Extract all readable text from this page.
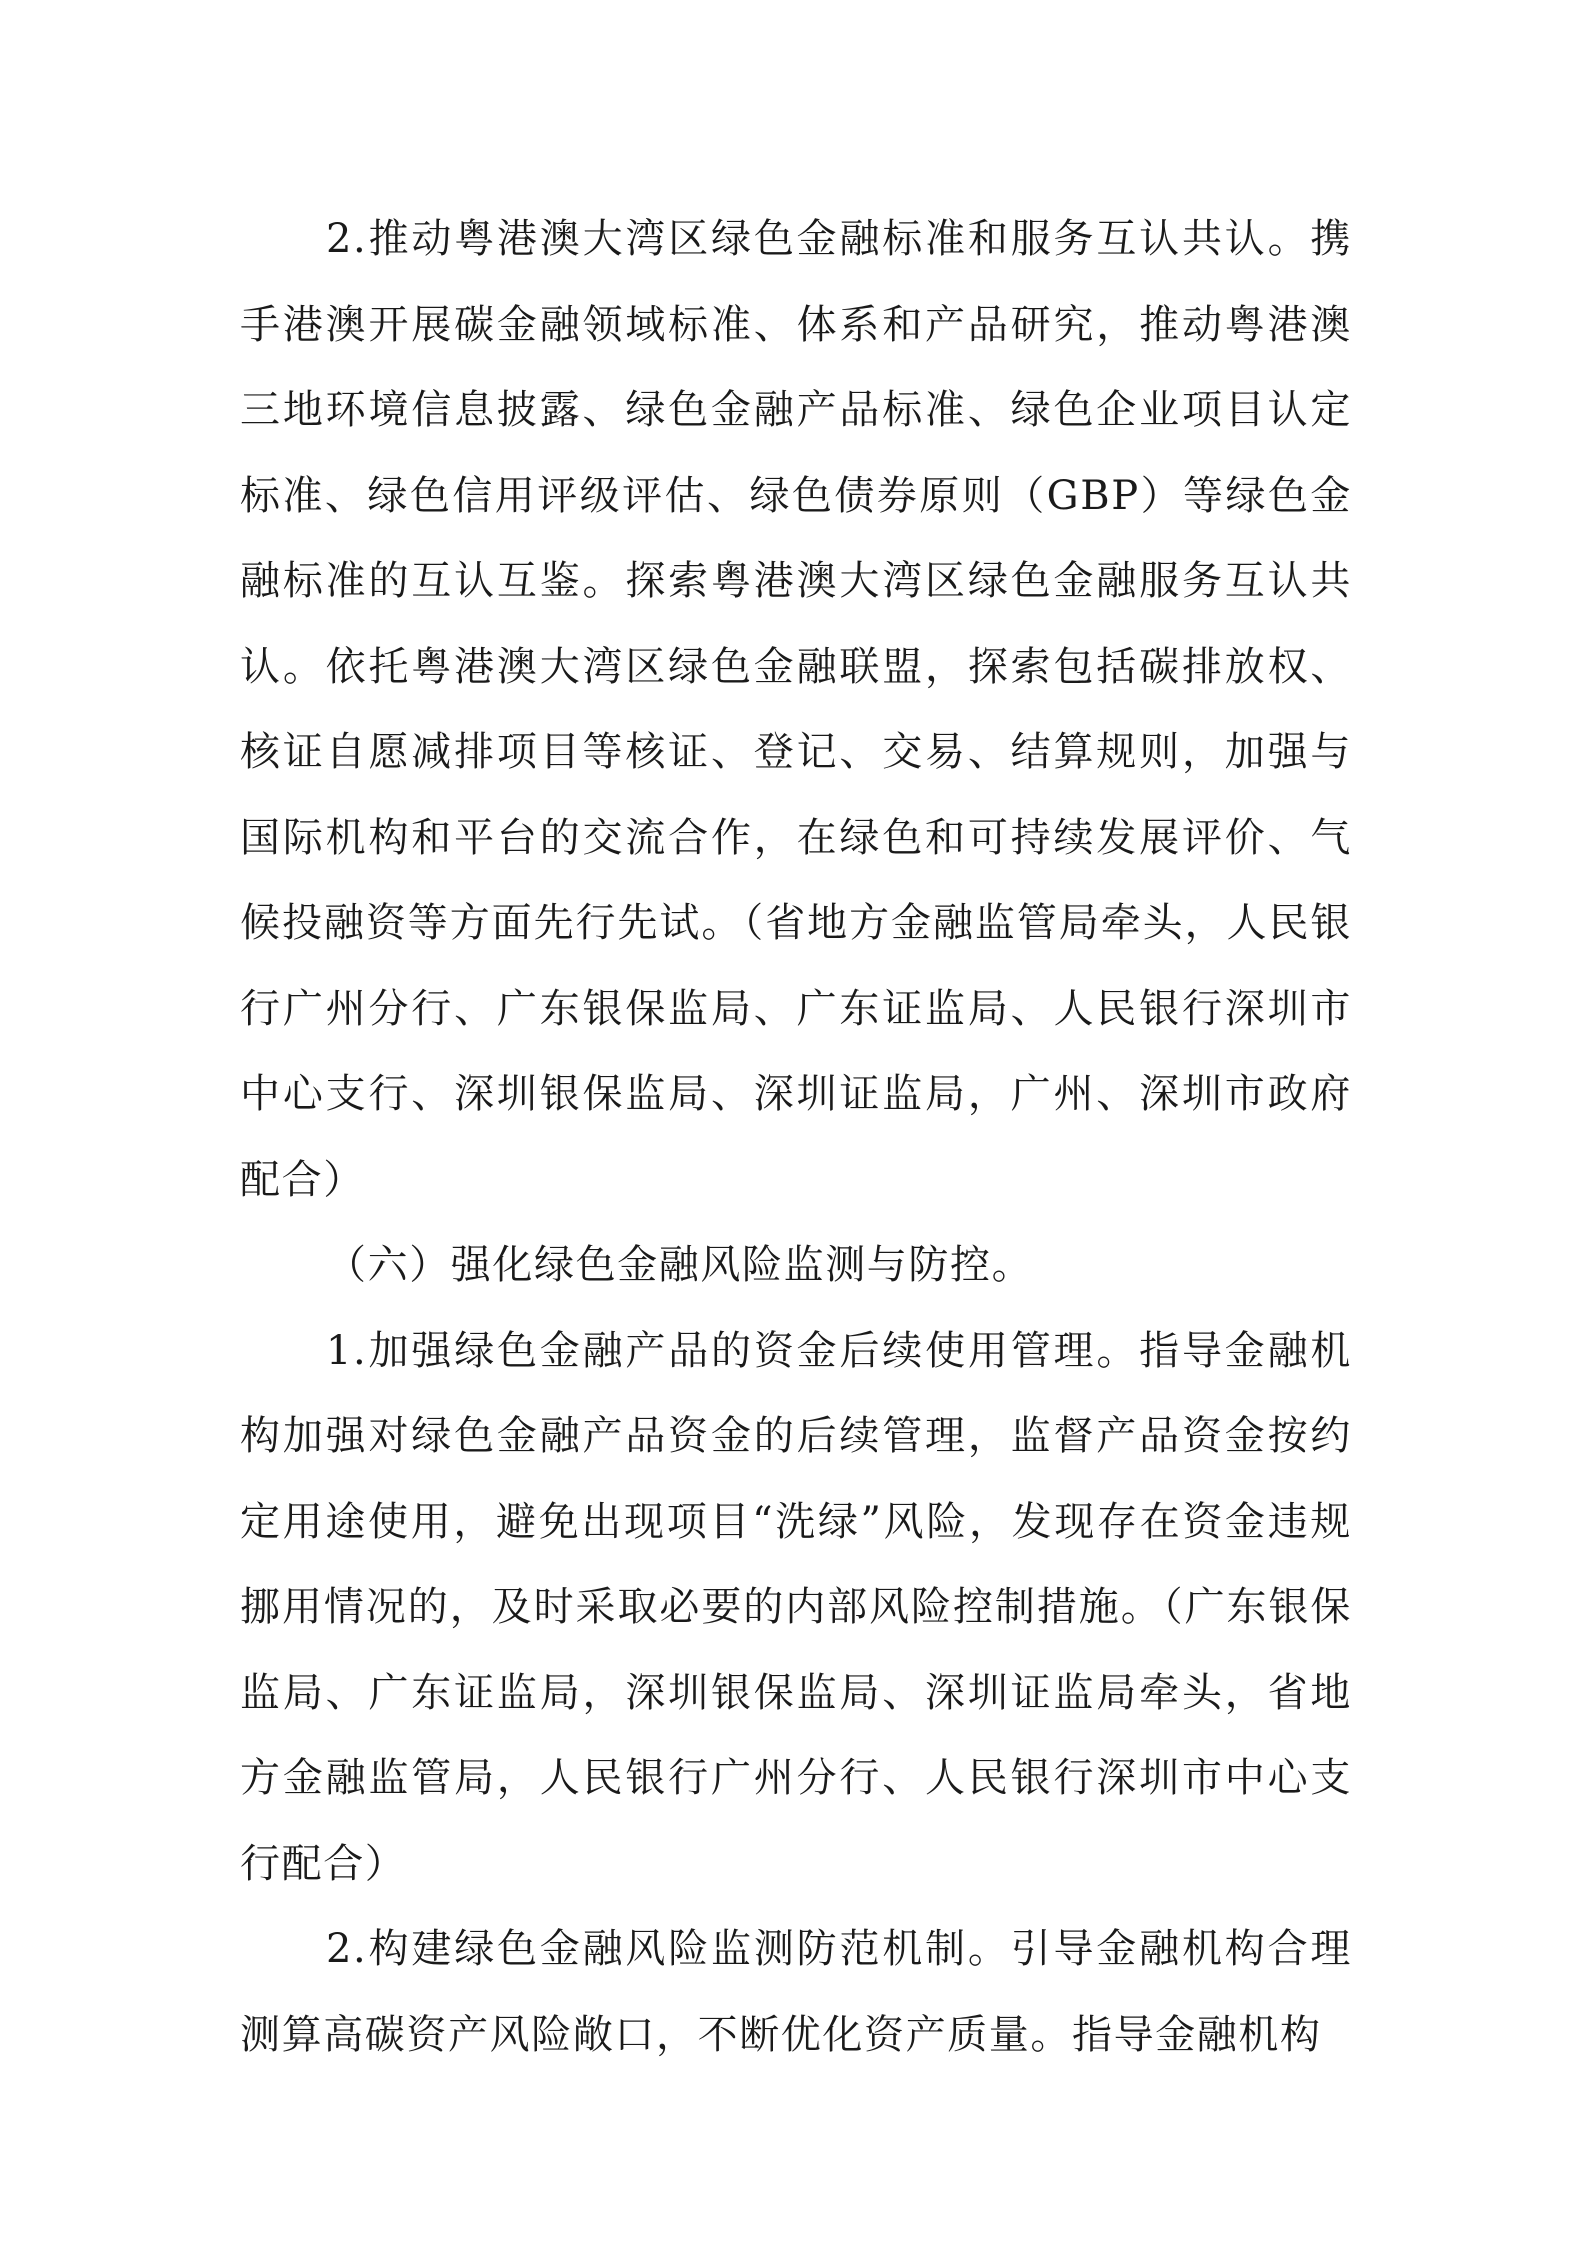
2.推动粤港澳大湾区绿色金融标准和服务互认共认。携手港澳开展碳金融领域标准、体系和产品研究，推动粤港澳三地环境信息披露、绿色金融产品标准、绿色企业项目认定标准、绿色信用评级评估、绿色债券原则（GBP）等绿色金融标准的互认互鉴。探索粤港澳大湾区绿色金融服务互认共认。依托粤港澳大湾区绿色金融联盟，探索包括碳排放权、核证自愿减排项目等核证、登记、交易、结算规则，加强与国际机构和平台的交流合作，在绿色和可持续发展评价、气候投融资等方面先行先试。（省地方金融监管局牵头，人民银行广州分行、广东银保监局、广东证监局、人民银行深圳市中心支行、深圳银保监局、深圳证监局，广州、深圳市政府配合）

（六）强化绿色金融风险监测与防控。

1.加强绿色金融产品的资金后续使用管理。指导金融机构加强对绿色金融产品资金的后续管理，监督产品资金按约定用途使用，避免出现项目“洗绿”风险，发现存在资金违规挪用情况的，及时采取必要的内部风险控制措施。（广东银保监局、广东证监局，深圳银保监局、深圳证监局牵头，省地方金融监管局，人民银行广州分行、人民银行深圳市中心支行配合）

2.构建绿色金融风险监测防范机制。引导金融机构合理测算高碳资产风险敞口，不断优化资产质量。指导金融机构
